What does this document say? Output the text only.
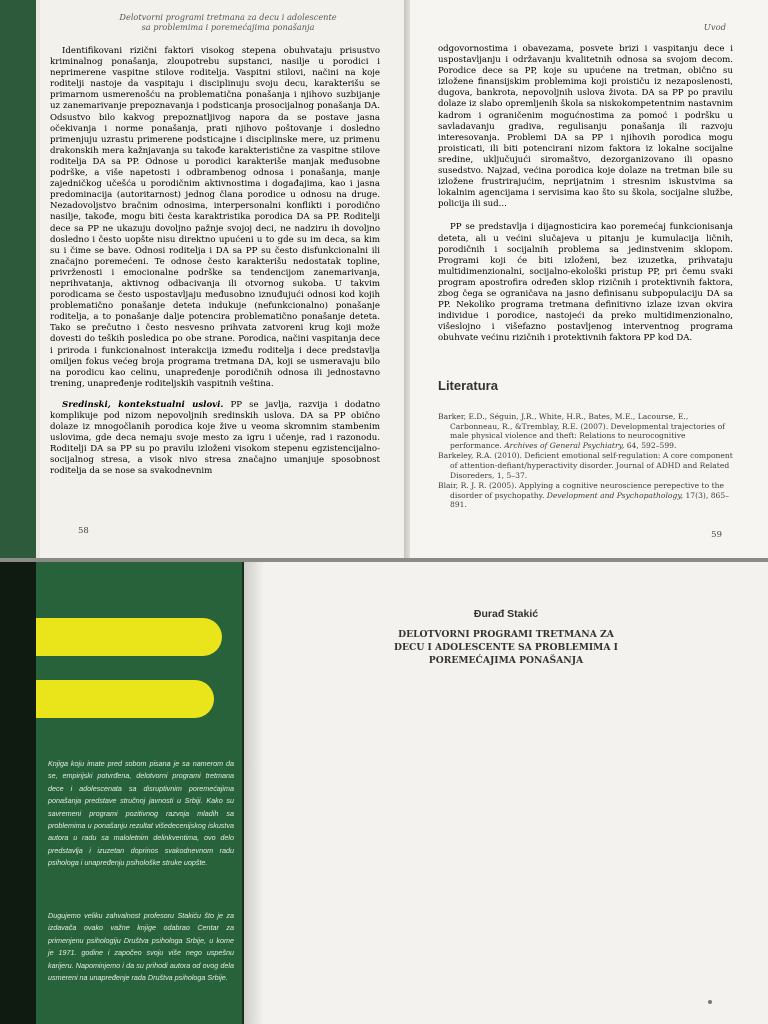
Delotvorni programi tretmana za decu i adolescente
sa problemima i poremećajima ponašanja

Identifikovani rizični faktori visokog stepena obuhvataju prisustvo kriminalnog ponašanja, zloupotrebu supstanci, nasilje u porodici i neprimerene vaspitne stilove roditelja. Vaspitni stilovi, načini na koje roditelji nastoje da vaspitaju i disciplinuju svoju decu, karakterišu se primarnom usmerenošću na problematična ponašanja i njihovo suzbijanje uz zanemarivanje prepoznavanja i podsticanja prosocijalnog ponašanja DA. Odsustvo bilo kakvog prepoznatljivog napora da se postave jasna očekivanja i norme ponašanja, prati njihovo poštovanje i dosledno primenjuju uzrastu primerene podsticajne i disciplinske mere, uz primenu drakonskih mera kažnjavanja su takođe karakteristične za vaspitne stilove roditelja DA sa PP. Odnose u porodici karakteriše manjak međusobne podrške, a više napetosti i odbrambenog odnosa i ponašanja, manje zajedničkog učešća u porodičnim aktivnostima i događajima, kao i jasna predominacija (autoritarnost) jednog člana porodice u odnosu na druge. Nezadovoljstvo bračnim odnosima, interpersonalni konflikti i porodično nasilje, takođe, mogu biti česta karaktristika porodica DA sa PP. Roditelji dece sa PP ne ukazuju dovoljno pažnje svojoj deci, ne nadziru ih dovoljno dosledno i često uopšte nisu direktno upućeni u to gde su im deca, sa kim su i čime se bave. Odnosi roditelja i DA sa PP su često disfunkcionalni ili značajno poremećeni. Te odnose često karakterišu nedostatak topline, privrženosti i emocionalne podrške sa tendencijom zanemarivanja, neprihvatanja, aktivnog odbacivanja ili otvornog sukoba. U takvim porodicama se često uspostavljaju međusobno iznuđujući odnosi kod kojih problematično ponašanje deteta indukuje (nefunkcionalno) ponašanje roditelja, a to ponašanje dalje potencira problematično ponašanje deteta. Tako se prečutno i često nesvesno prihvata zatvoreni krug koji može dovesti do teških posledica po obe strane. Porodica, načini vaspitanja dece i priroda i funkcionalnost interakcija između roditelja i dece predstavlja omiljen fokus većeg broja programa tretmana DA, koji se usmeravaju bilo na porodicu kao celinu, unapređenje porodičnih odnosa ili jednostavno trening, unapređenje roditeljskih vaspitnih veština.

Sredinski, kontekstualni uslovi. PP se javlja, razvija i dodatno komplikuje pod nizom nepovoljnih sredinskih uslova. DA sa PP obično dolaze iz mnogočlanih porodica koje žive u veoma skromnim stambenim uslovima, gde deca nemaju svoje mesto za igru i učenje, rad i razonodu. Roditelji DA sa PP su po pravilu izloženi visokom stepenu egzistencijalno-socijalnog stresa, a visok nivo stresa značajno umanjuje sposobnost roditelja da se nose sa svakodnevnim

58
Uvod

odgovornostima i obavezama, posvete brizi i vaspitanju dece i uspostavljanju i održavanju kvalitetnih odnosa sa svojom decom. Porodice dece sa PP, koje su upućene na tretman, obično su izložene finansijskim problemima koji proističu iz nezaposlenosti, dugova, bankrota, nepovoljnih uslova života. DA sa PP po pravilu dolaze iz slabo opremljenih škola sa niskokompetentnim nastavnim kadrom i ograničenim mogućnostima za pomoć i podršku u savladavanju gradiva, regulisanju ponašanja ili razvoju interesovanja. Problemi DA sa PP i njihovih porodica mogu proisticati, ili biti potencirani nizom faktora iz lokalne socijalne sredine, uključujući siromaštvo, dezorganizovano ili opasno susedstvo. Najzad, većina porodica koje dolaze na tretman bile su izložene frustrirajućim, neprijatnim i stresnim iskustvima sa lokalnim agencijama i servisima kao što su škola, socijalne službe, policija ili sud...

PP se predstavlja i dijagnosticira kao poremećaj funkcionisanja deteta, ali u većini slučajeva u pitanju je kumulacija ličnih, porodičnih i socijalnih problema sa jedinstvenim sklopom. Programi koji će biti izloženi, bez izuzetka, prihvataju multidimenzionalni, socijalno-ekološki pristup PP, pri čemu svaki program apostrofira određen sklop rizičnih i protektivnih faktora, zbog čega se ograničava na jasno definisanu subpopulaciju DA sa PP. Nekoliko programa tretmana definitivno izlaze izvan okvira individue i porodice, nastojeći da preko multidimenzionalno, višeslojno i višefazno postavljenog interventnog programa obuhvate većinu rizičnih i protektivnih faktora PP kod DA.

Literatura
Barker, E.D., Séguin, J.R., White, H.R., Bates, M.E., Lacourse, E., Carbonneau, R., &Tremblay, R.E. (2007). Developmental trajectories of male physical violence and theft: Relations to neurocognitive performance. Archives of General Psychiatry, 64, 592–599.
Barkeley, R.A. (2010). Deficient emotional self-regulation: A core component of attention-defiant/hyperactivity disorder. Journal of ADHD and Related Disoreders, 1, 5–37.
Blair, R. J. R. (2005). Applying a cognitive neuroscience perepective to the disorder of psychopathy. Development and Psychopathology, 17(3), 865–891.
59
Knjiga koju imate pred sobom pisana je sa namerom da se, empirijski potvrđena, delotvorni programi tretmana dece i adolescenata sa disruptivnim poremećajima ponašanja predstave stručnoj javnosti u Srbiji. Kako su savremeni programi pozitivnog razvoja mladih sa problemima u ponašanju rezultat višedecenijskog iskustva autora u radu sa maloletnim delinkventima, ovo delo predstavlja i izuzetan doprinos svakodnevnom radu psihologa i unapređenju psihološke struke uopšte.
Dugujemo veliku zahvalnost profesoru Stakiću što je za izdavača ovako važne knjige odabrao Centar za primenjenu psihologiju Društva psihologa Srbije, u kome je 1971. godine i započeo svoju više nego uspešnu karijeru. Napominjemo i da su prihodi autora od ovog dela usmereni na unapređenje rada Društva psihologa Srbije.
Đurađ Stakić
DELOTVORNI PROGRAMI TRETMANA ZA
DECU I ADOLESCENTE SA PROBLEMIMA I
POREMEĆAJIMA PONAŠANJA
